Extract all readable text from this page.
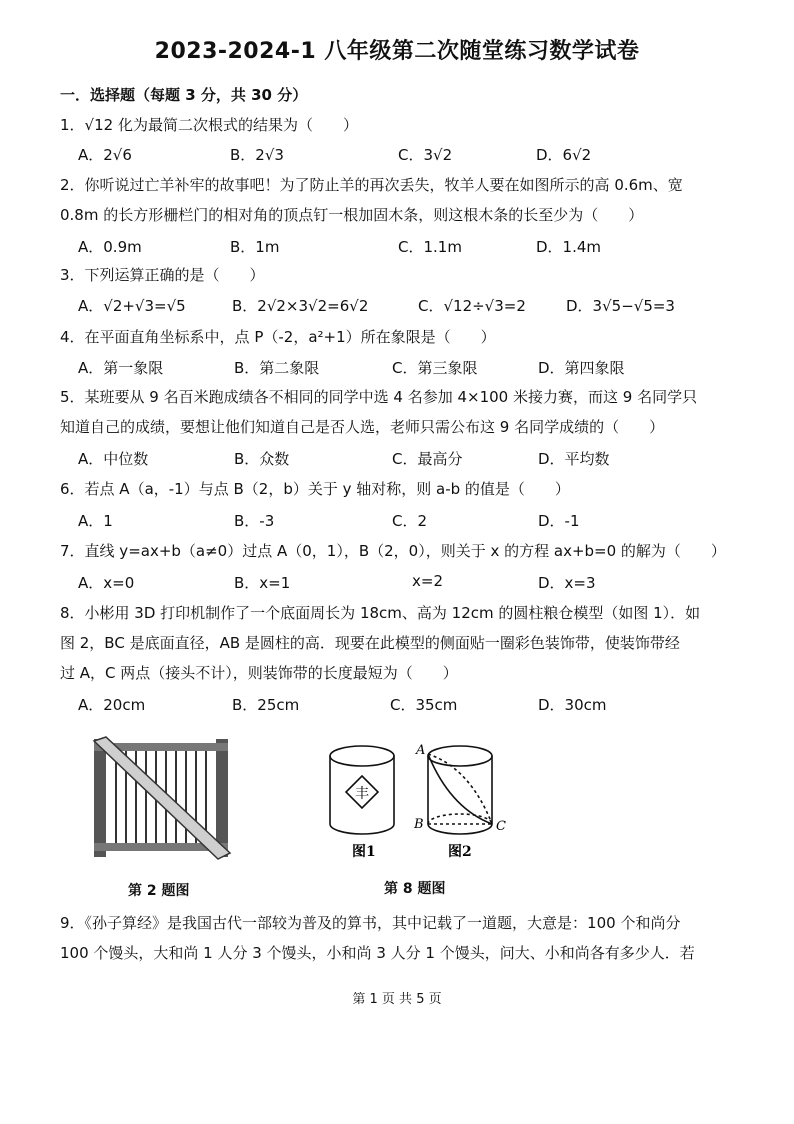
2023-2024-1 八年级第二次随堂练习数学试卷
一．选择题（每题 3 分，共 30 分）
1．√12 化为最简二次根式的结果为（　　）
A．2√6	B．2√3	C．3√2	D．6√2
2．你听说过亡羊补牢的故事吧！为了防止羊的再次丢失，牧羊人要在如图所示的高 0.6m、宽
0.8m 的长方形栅栏门的相对角的顶点钉一根加固木条，则这根木条的长至少为（　　）
A．0.9m	B．1m	C．1.1m	D．1.4m
3．下列运算正确的是（　　）
A．√2+√3=√5	B．2√2×3√2=6√2	C．√12÷√3=2	D．3√5−√5=3
4．在平面直角坐标系中，点 P（-2，a²+1）所在象限是（　　）
A．第一象限	B．第二象限	C．第三象限	D．第四象限
5．某班要从 9 名百米跑成绩各不相同的同学中选 4 名参加 4×100 米接力赛，而这 9 名同学只
知道自己的成绩，要想让他们知道自己是否人选，老师只需公布这 9 名同学成绩的（　　）
A．中位数	B．众数	C．最高分	D．平均数
6．若点 A（a，-1）与点 B（2，b）关于 y 轴对称，则 a-b 的值是（　　）
A．1	B．-3	C．2	D．-1
7．直线 y=ax+b（a≠0）过点 A（0，1），B（2，0），则关于 x 的方程 ax+b=0 的解为（　　）
A．x=0	B．x=1	x=2	D．x=3
8．小彬用 3D 打印机制作了一个底面周长为 18cm、高为 12cm 的圆柱粮仓模型（如图 1）．如
图 2，BC 是底面直径，AB 是圆柱的高．现要在此模型的侧面贴一圈彩色装饰带，使装饰带经
过 A，C 两点（接头不计），则装饰带的长度最短为（　　）
A．20cm	B．25cm	C．35cm	D．30cm
第 2 题图
丰
A
B	C
图1	图2
第 8 题图
9．《孙子算经》是我国古代一部较为普及的算书，其中记载了一道题，大意是：100 个和尚分
100 个馒头，大和尚 1 人分 3 个馒头，小和尚 3 人分 1 个馒头，问大、小和尚各有多少人．若
第 1 页 共 5 页
